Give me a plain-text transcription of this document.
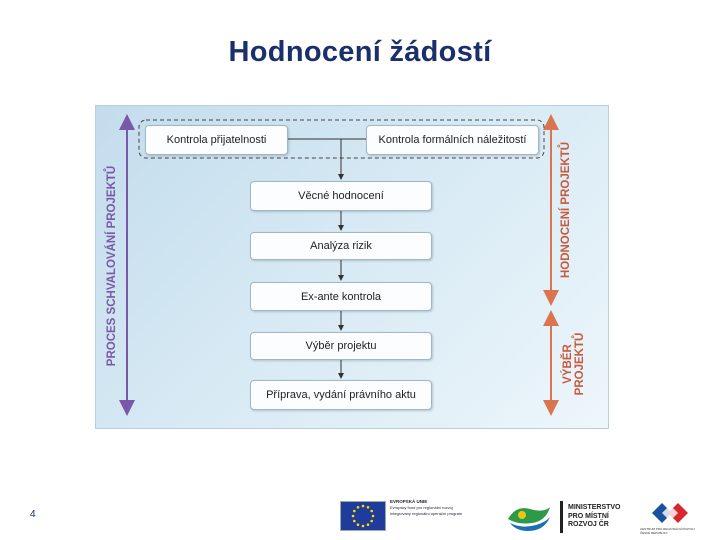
Hodnocení žádostí
Kontrola přijatelnosti	Kontrola formálních náležitostí
Věcné hodnocení
Analýza rizik
Ex-ante kontrola
Výběr projektu
Příprava, vydání právního aktu
PROCES SCHVALOVÁNÍ PROJEKTŮ	HODNOCENÍ PROJEKTŮ
VÝBĚR
PROJEKTŮ
4
EVROPSKÁ UNIE
Evropský fond pro regionální rozvoj
Integrovaný regionální operační program
MINISTERSTVO
PRO MÍSTNÍ
ROZVOJ ČR
CENTRUM PRO REGIONÁLNÍ ROZVOJ
ČESKÉ REPUBLIKY
